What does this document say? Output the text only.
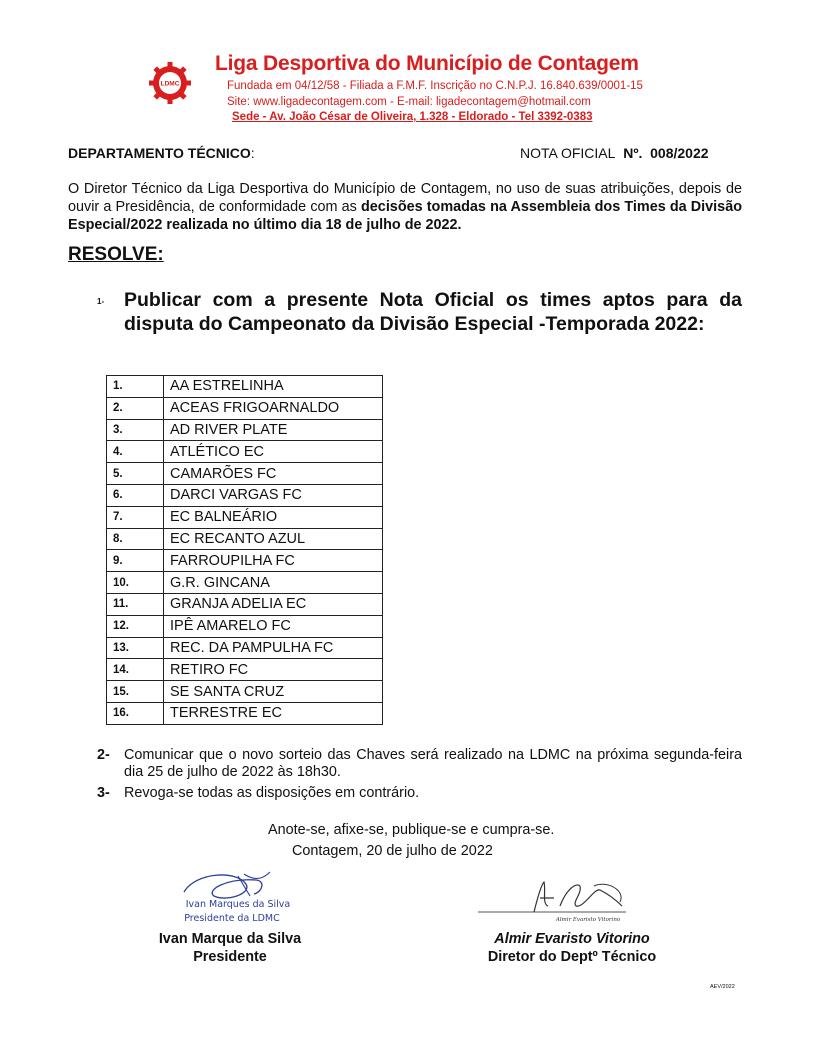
LDMC
Liga Desportiva do Município de Contagem
Fundada em 04/12/58 - Filiada a F.M.F. Inscrição no C.N.P.J. 16.840.639/0001-15
Site: www.ligadecontagem.com - E-mail: ligadecontagem@hotmail.com
Sede - Av. João César de Oliveira, 1.328 - Eldorado - Tel 3392-0383
DEPARTAMENTO TÉCNICO:	NOTA OFICIAL Nº. 008/2022
O Diretor Técnico da Liga Desportiva do Município de Contagem, no uso de suas atribuições, depois de ouvir a Presidência, de conformidade com as decisões tomadas na Assembleia dos Times da Divisão Especial/2022 realizada no último dia 18 de julho de 2022.
RESOLVE:
1- Publicar com a presente Nota Oficial os times aptos para da disputa do Campeonato da Divisão Especial -Temporada 2022:
1.	AA ESTRELINHA
2.	ACEAS FRIGOARNALDO
3.	AD RIVER PLATE
4.	ATLÉTICO EC
5.	CAMARÕES FC
6.	DARCI VARGAS FC
7.	EC BALNEÁRIO
8.	EC RECANTO AZUL
9.	FARROUPILHA FC
10.	G.R. GINCANA
11.	GRANJA ADELIA EC
12.	IPÊ AMARELO FC
13.	REC. DA PAMPULHA FC
14.	RETIRO FC
15.	SE SANTA CRUZ
16.	TERRESTRE EC
2- Comunicar que o novo sorteio das Chaves será realizado na LDMC na próxima segunda-feira dia 25 de julho de 2022 às 18h30.
3- Revoga-se todas as disposições em contrário.
Anote-se, afixe-se, publique-se e cumpra-se.
Contagem, 20 de julho de 2022
Ivan Marques da Silva
Presidente da LDMC
Ivan Marque da Silva
Presidente
Almir Evaristo Vitorino
Almir Evaristo Vitorino
Diretor do Deptº Técnico
AEV/2022
